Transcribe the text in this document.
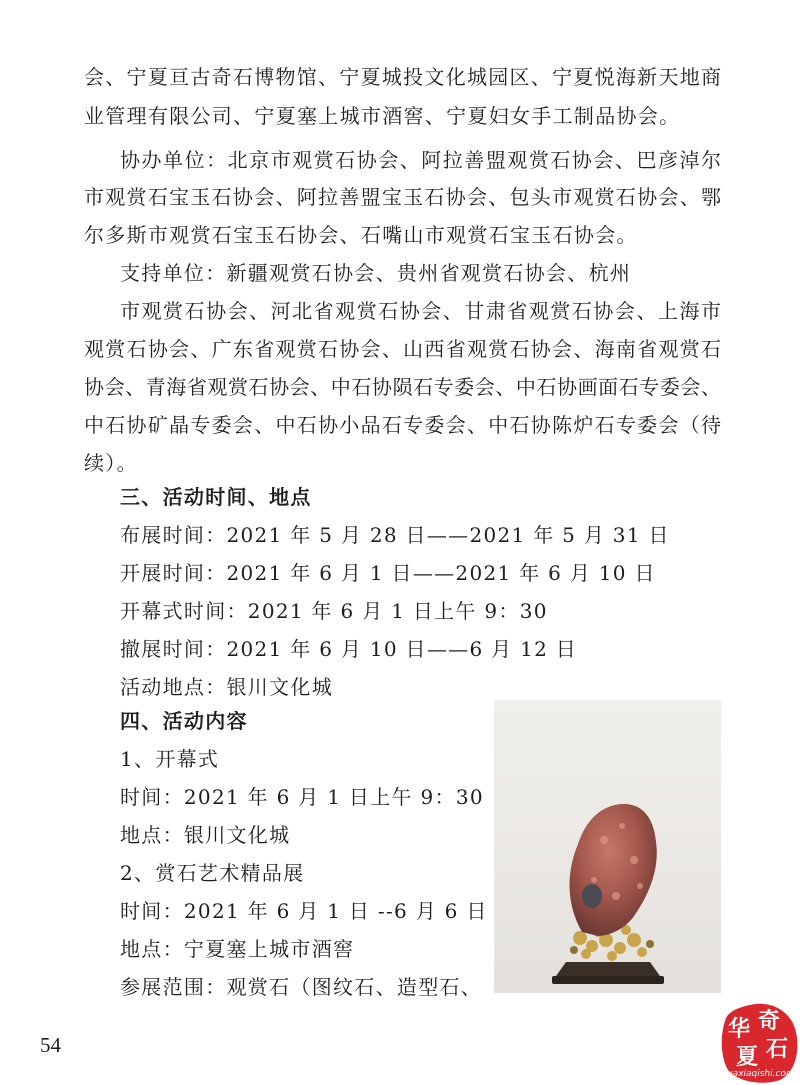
会、宁夏亘古奇石博物馆、宁夏城投文化城园区、宁夏悦海新天地商
业管理有限公司、宁夏塞上城市酒窖、宁夏妇女手工制品协会。
协办单位：北京市观赏石协会、阿拉善盟观赏石协会、巴彦淖尔
市观赏石宝玉石协会、阿拉善盟宝玉石协会、包头市观赏石协会、鄂
尔多斯市观赏石宝玉石协会、石嘴山市观赏石宝玉石协会。
支持单位：新疆观赏石协会、贵州省观赏石协会、杭州
市观赏石协会、河北省观赏石协会、甘肃省观赏石协会、上海市
观赏石协会、广东省观赏石协会、山西省观赏石协会、海南省观赏石
协会、青海省观赏石协会、中石协陨石专委会、中石协画面石专委会、
中石协矿晶专委会、中石协小品石专委会、中石协陈炉石专委会（待
续）。
三、活动时间、地点
布展时间：2021 年 5 月 28 日——2021 年 5 月 31 日
开展时间：2021 年 6 月 1 日——2021 年 6 月 10 日
开幕式时间：2021 年 6 月 1 日上午 9：30
撤展时间：2021 年 6 月 10 日——6 月 12 日
活动地点：银川文化城
四、活动内容
1、开幕式
时间：2021 年 6 月 1 日上午 9：30
地点：银川文化城
2、赏石艺术精品展
时间：2021 年 6 月 1 日 --6 月 6 日
地点：宁夏塞上城市酒窖
参展范围：观赏石（图纹石、造型石、
54
华 奇
石
夏
huaxiaqishi.com
